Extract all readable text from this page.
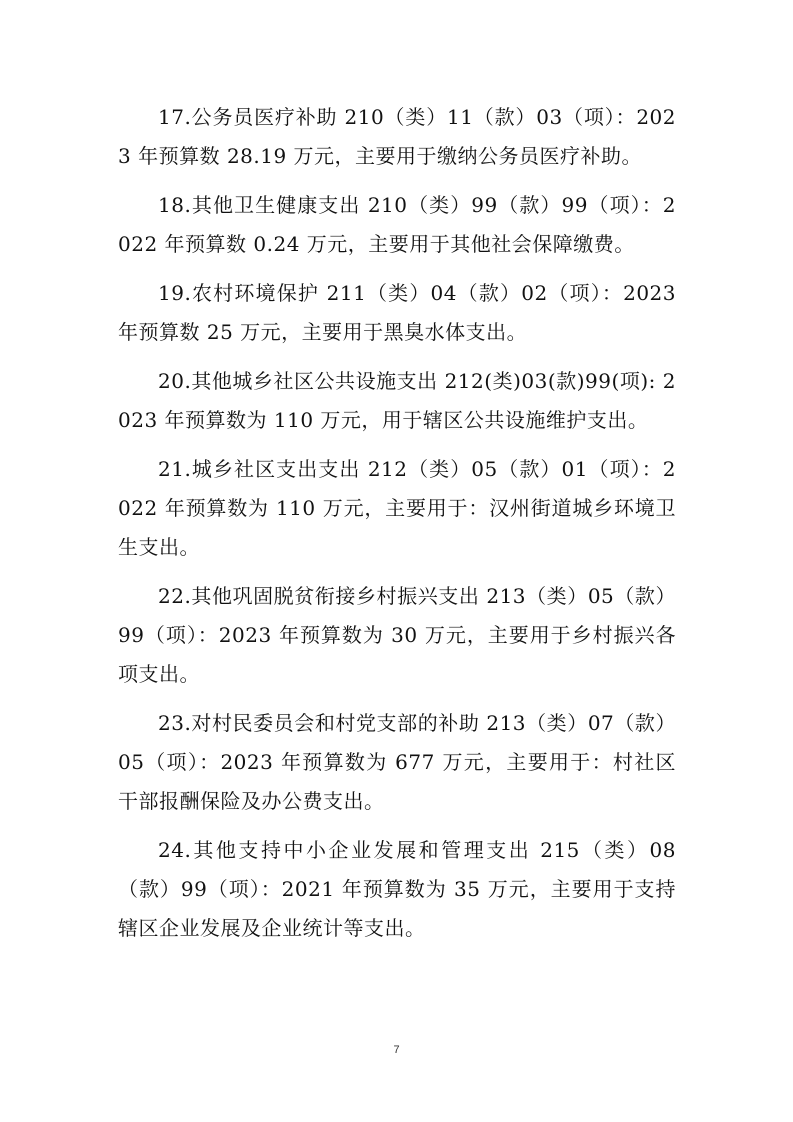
17.公务员医疗补助 210（类）11（款）03（项）：2023 年预算数 28.19 万元，主要用于缴纳公务员医疗补助。

18.其他卫生健康支出 210（类）99（款）99（项）：2022 年预算数 0.24 万元，主要用于其他社会保障缴费。

19.农村环境保护 211（类）04（款）02（项）：2023 年预算数 25 万元，主要用于黑臭水体支出。

20.其他城乡社区公共设施支出 212(类)03(款)99(项): 2023 年预算数为 110 万元，用于辖区公共设施维护支出。

21.城乡社区支出支出 212（类）05（款）01（项）：2022 年预算数为 110 万元，主要用于：汉州街道城乡环境卫生支出。

22.其他巩固脱贫衔接乡村振兴支出 213（类）05（款）99（项）：2023 年预算数为 30 万元，主要用于乡村振兴各项支出。

23.对村民委员会和村党支部的补助 213（类）07（款）05（项）：2023 年预算数为 677 万元，主要用于：村社区干部报酬保险及办公费支出。

24.其他支持中小企业发展和管理支出 215（类）08（款）99（项）：2021 年预算数为 35 万元，主要用于支持辖区企业发展及企业统计等支出。

7
